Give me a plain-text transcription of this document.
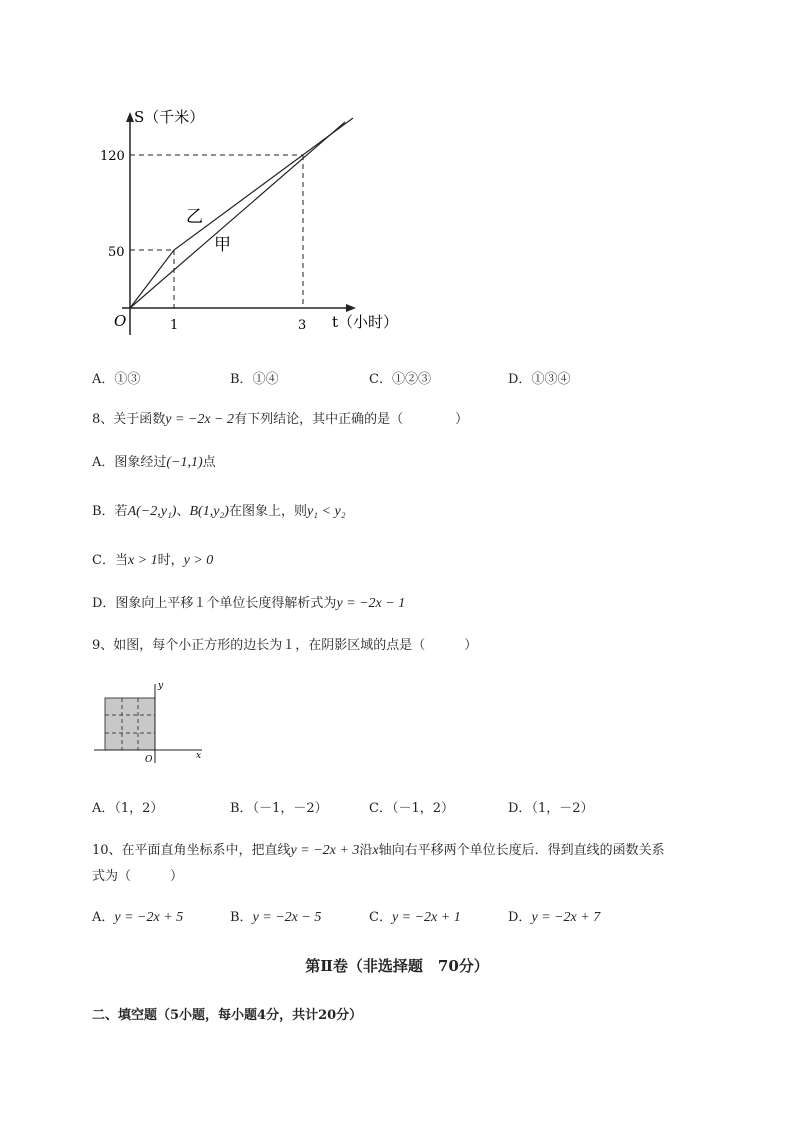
S（千米）
t（小时）
O
120
50
1	3
乙
甲
A．①③	B．①④	C．①②③	D．①③④
8、关于函数y = −2x − 2有下列结论，其中正确的是（　　　　）
A．图象经过(−1,1)点
B．若A(−2,y₁)、B(1,y₂)在图象上，则y₁ < y₂
C．当x > 1时，y > 0
D．图象向上平移１个单位长度得解析式为y = −2x − 1
9、如图，每个小正方形的边长为１，在阴影区域的点是（　　　）
y
x
O
A．（1，2）	B．（－1，－2）	C．（－1，2）	D．（1，－2）
10、在平面直角坐标系中，把直线y = −2x + 3沿x轴向右平移两个单位长度后．得到直线的函数关系
式为（　　　）
A．y = −2x + 5	B．y = −2x − 5	C．y = −2x + 1	D．y = −2x + 7
第Ⅱ卷（非选择题　70分）
二、填空题（5小题，每小题4分，共计20分）
